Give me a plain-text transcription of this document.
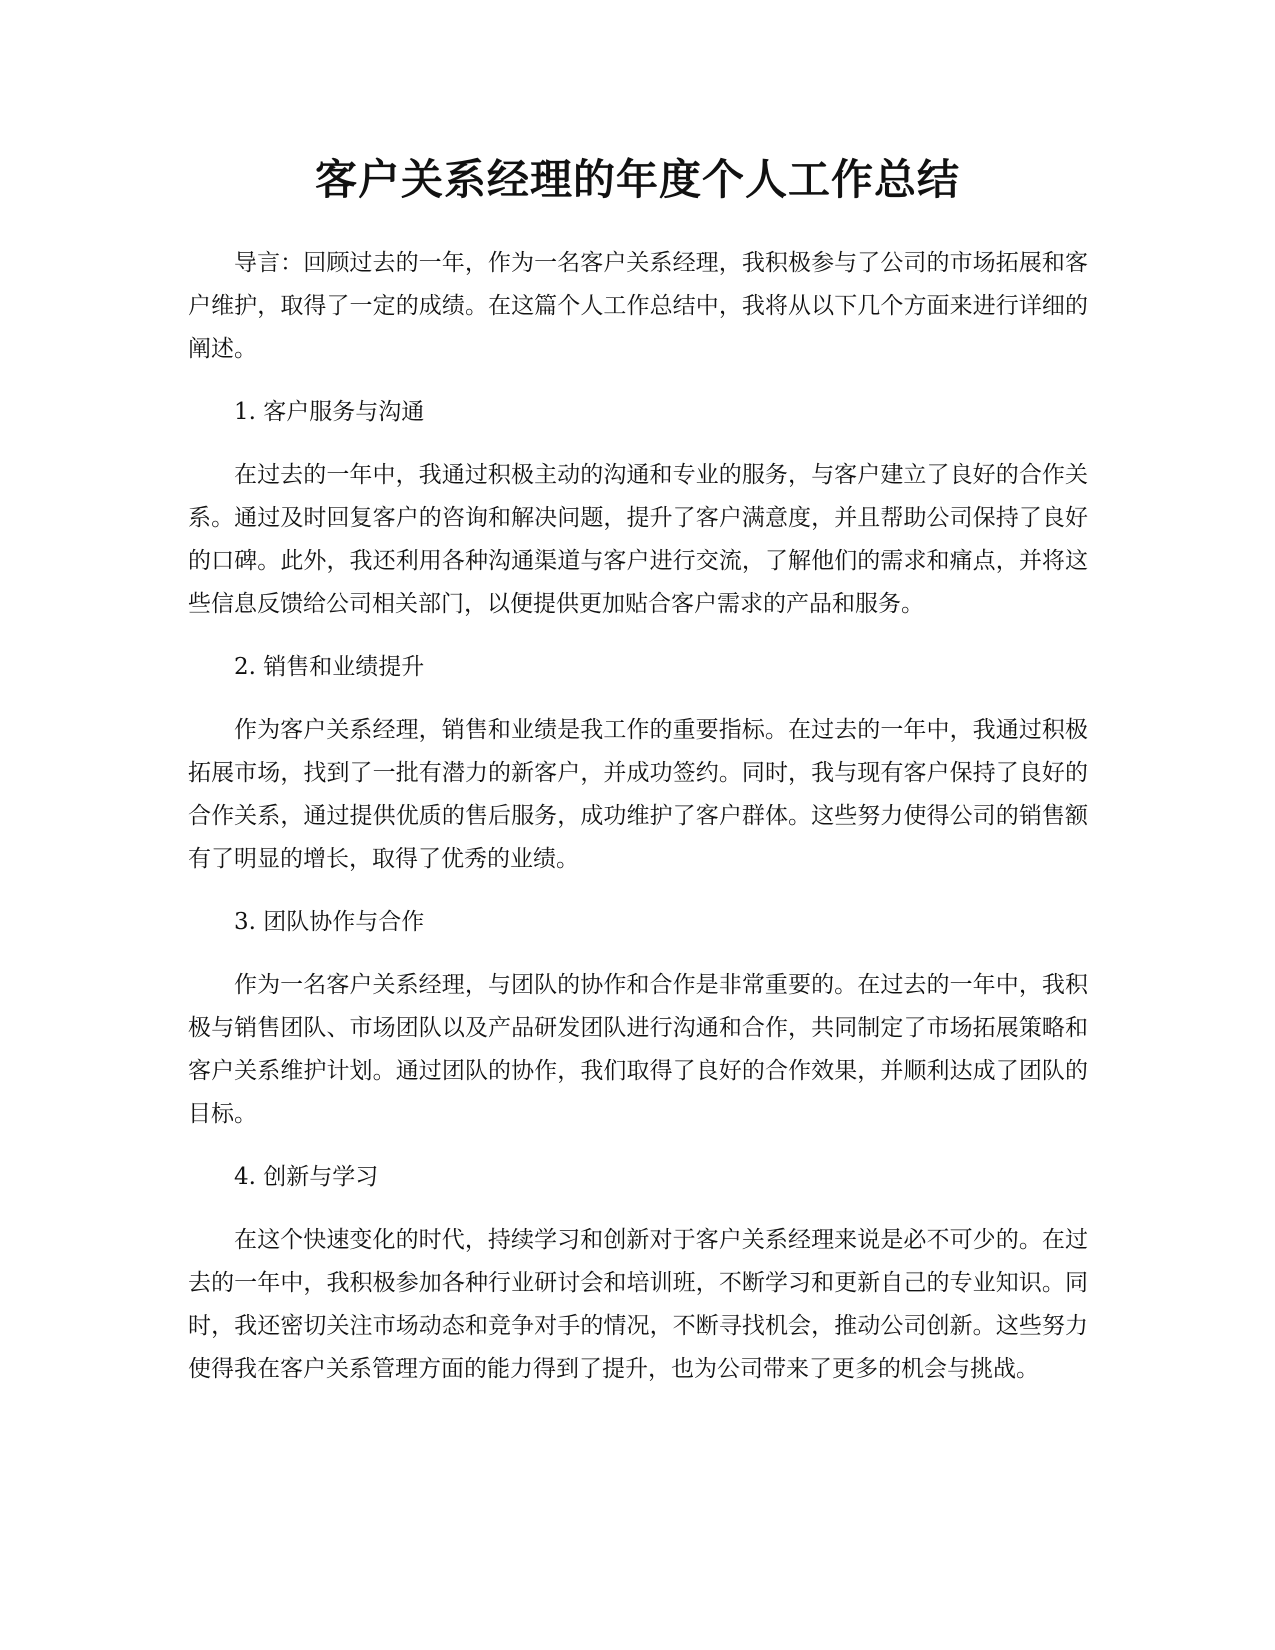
客户关系经理的年度个人工作总结

导言：回顾过去的一年，作为一名客户关系经理，我积极参与了公司的市场拓展和客户维护，取得了一定的成绩。在这篇个人工作总结中，我将从以下几个方面来进行详细的阐述。

1. 客户服务与沟通

在过去的一年中，我通过积极主动的沟通和专业的服务，与客户建立了良好的合作关系。通过及时回复客户的咨询和解决问题，提升了客户满意度，并且帮助公司保持了良好的口碑。此外，我还利用各种沟通渠道与客户进行交流，了解他们的需求和痛点，并将这些信息反馈给公司相关部门，以便提供更加贴合客户需求的产品和服务。

2. 销售和业绩提升

作为客户关系经理，销售和业绩是我工作的重要指标。在过去的一年中，我通过积极拓展市场，找到了一批有潜力的新客户，并成功签约。同时，我与现有客户保持了良好的合作关系，通过提供优质的售后服务，成功维护了客户群体。这些努力使得公司的销售额有了明显的增长，取得了优秀的业绩。

3. 团队协作与合作

作为一名客户关系经理，与团队的协作和合作是非常重要的。在过去的一年中，我积极与销售团队、市场团队以及产品研发团队进行沟通和合作，共同制定了市场拓展策略和客户关系维护计划。通过团队的协作，我们取得了良好的合作效果，并顺利达成了团队的目标。

4. 创新与学习

在这个快速变化的时代，持续学习和创新对于客户关系经理来说是必不可少的。在过去的一年中，我积极参加各种行业研讨会和培训班，不断学习和更新自己的专业知识。同时，我还密切关注市场动态和竞争对手的情况，不断寻找机会，推动公司创新。这些努力使得我在客户关系管理方面的能力得到了提升，也为公司带来了更多的机会与挑战。
